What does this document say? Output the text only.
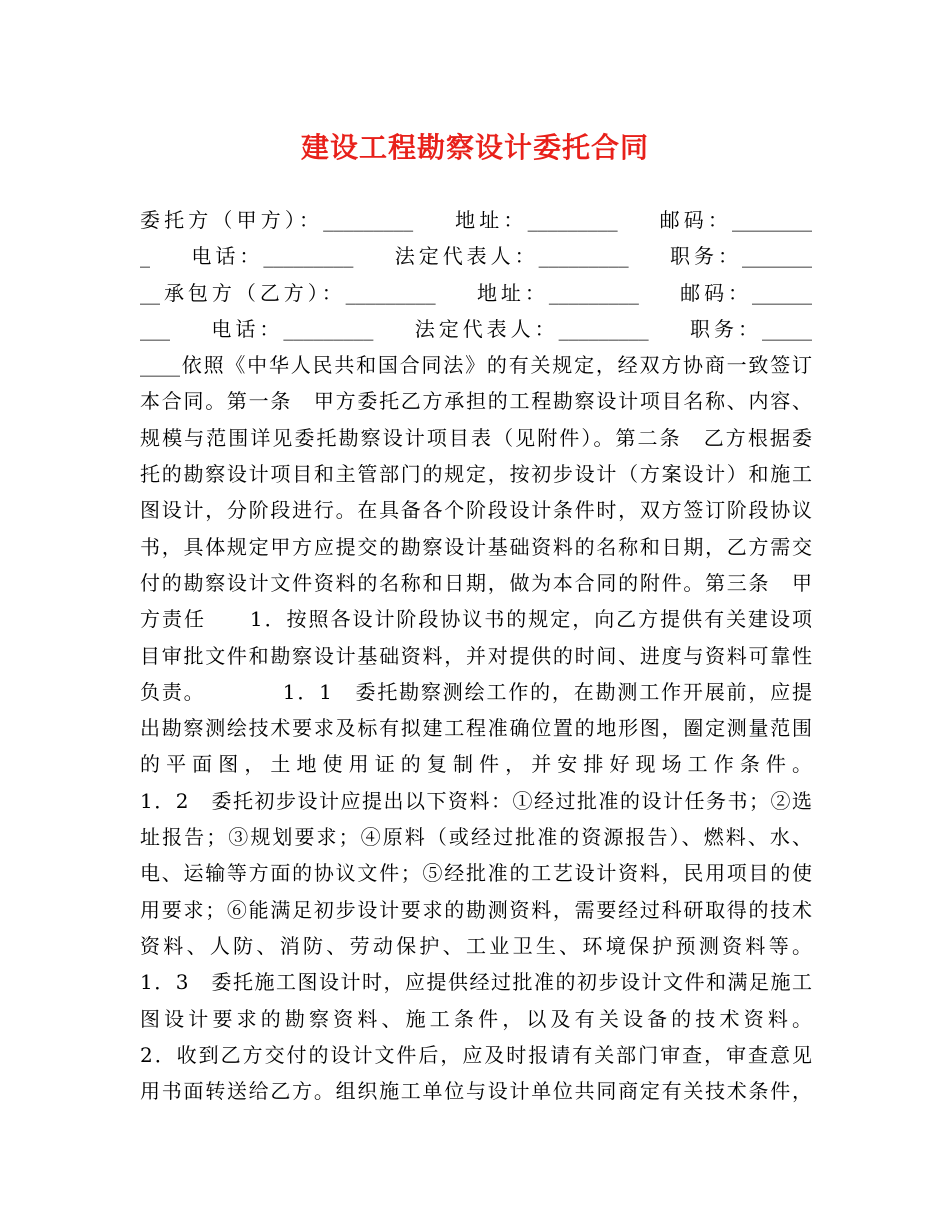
建设工程勘察设计委托合同
委托方（甲方）：_________    地址：_________    邮码：________
_    电话：_________    法定代表人：_________    职务：_______
__承包方（乙方）：_________    地址：_________    邮码：______
___    电话：_________    法定代表人：_________    职务：_____
____依照《中华人民共和国合同法》的有关规定，经双方协商一致签订
本合同。第一条　甲方委托乙方承担的工程勘察设计项目名称、内容、
规模与范围详见委托勘察设计项目表（见附件）。第二条　乙方根据委
托的勘察设计项目和主管部门的规定，按初步设计（方案设计）和施工
图设计，分阶段进行。在具备各个阶段设计条件时，双方签订阶段协议
书，具体规定甲方应提交的勘察设计基础资料的名称和日期，乙方需交
付的勘察设计文件资料的名称和日期，做为本合同的附件。第三条　甲
方责任　　1．按照各设计阶段协议书的规定，向乙方提供有关建设项
目审批文件和勘察设计基础资料，并对提供的时间、进度与资料可靠性
负责。　　　　1．1　委托勘察测绘工作的，在勘测工作开展前，应提
出勘察测绘技术要求及标有拟建工程准确位置的地形图，圈定测量范围
的平面图，土地使用证的复制件，并安排好现场工作条件。
1．2　委托初步设计应提出以下资料：①经过批准的设计任务书；②选
址报告；③规划要求；④原料（或经过批准的资源报告）、燃料、水、
电、运输等方面的协议文件；⑤经批准的工艺设计资料，民用项目的使
用要求；⑥能满足初步设计要求的勘测资料，需要经过科研取得的技术
资料、人防、消防、劳动保护、工业卫生、环境保护预测资料等。
1．3　委托施工图设计时，应提供经过批准的初步设计文件和满足施工
图设计要求的勘察资料、施工条件，以及有关设备的技术资料。
2．收到乙方交付的设计文件后，应及时报请有关部门审查，审查意见
用书面转送给乙方。组织施工单位与设计单位共同商定有关技术条件，
